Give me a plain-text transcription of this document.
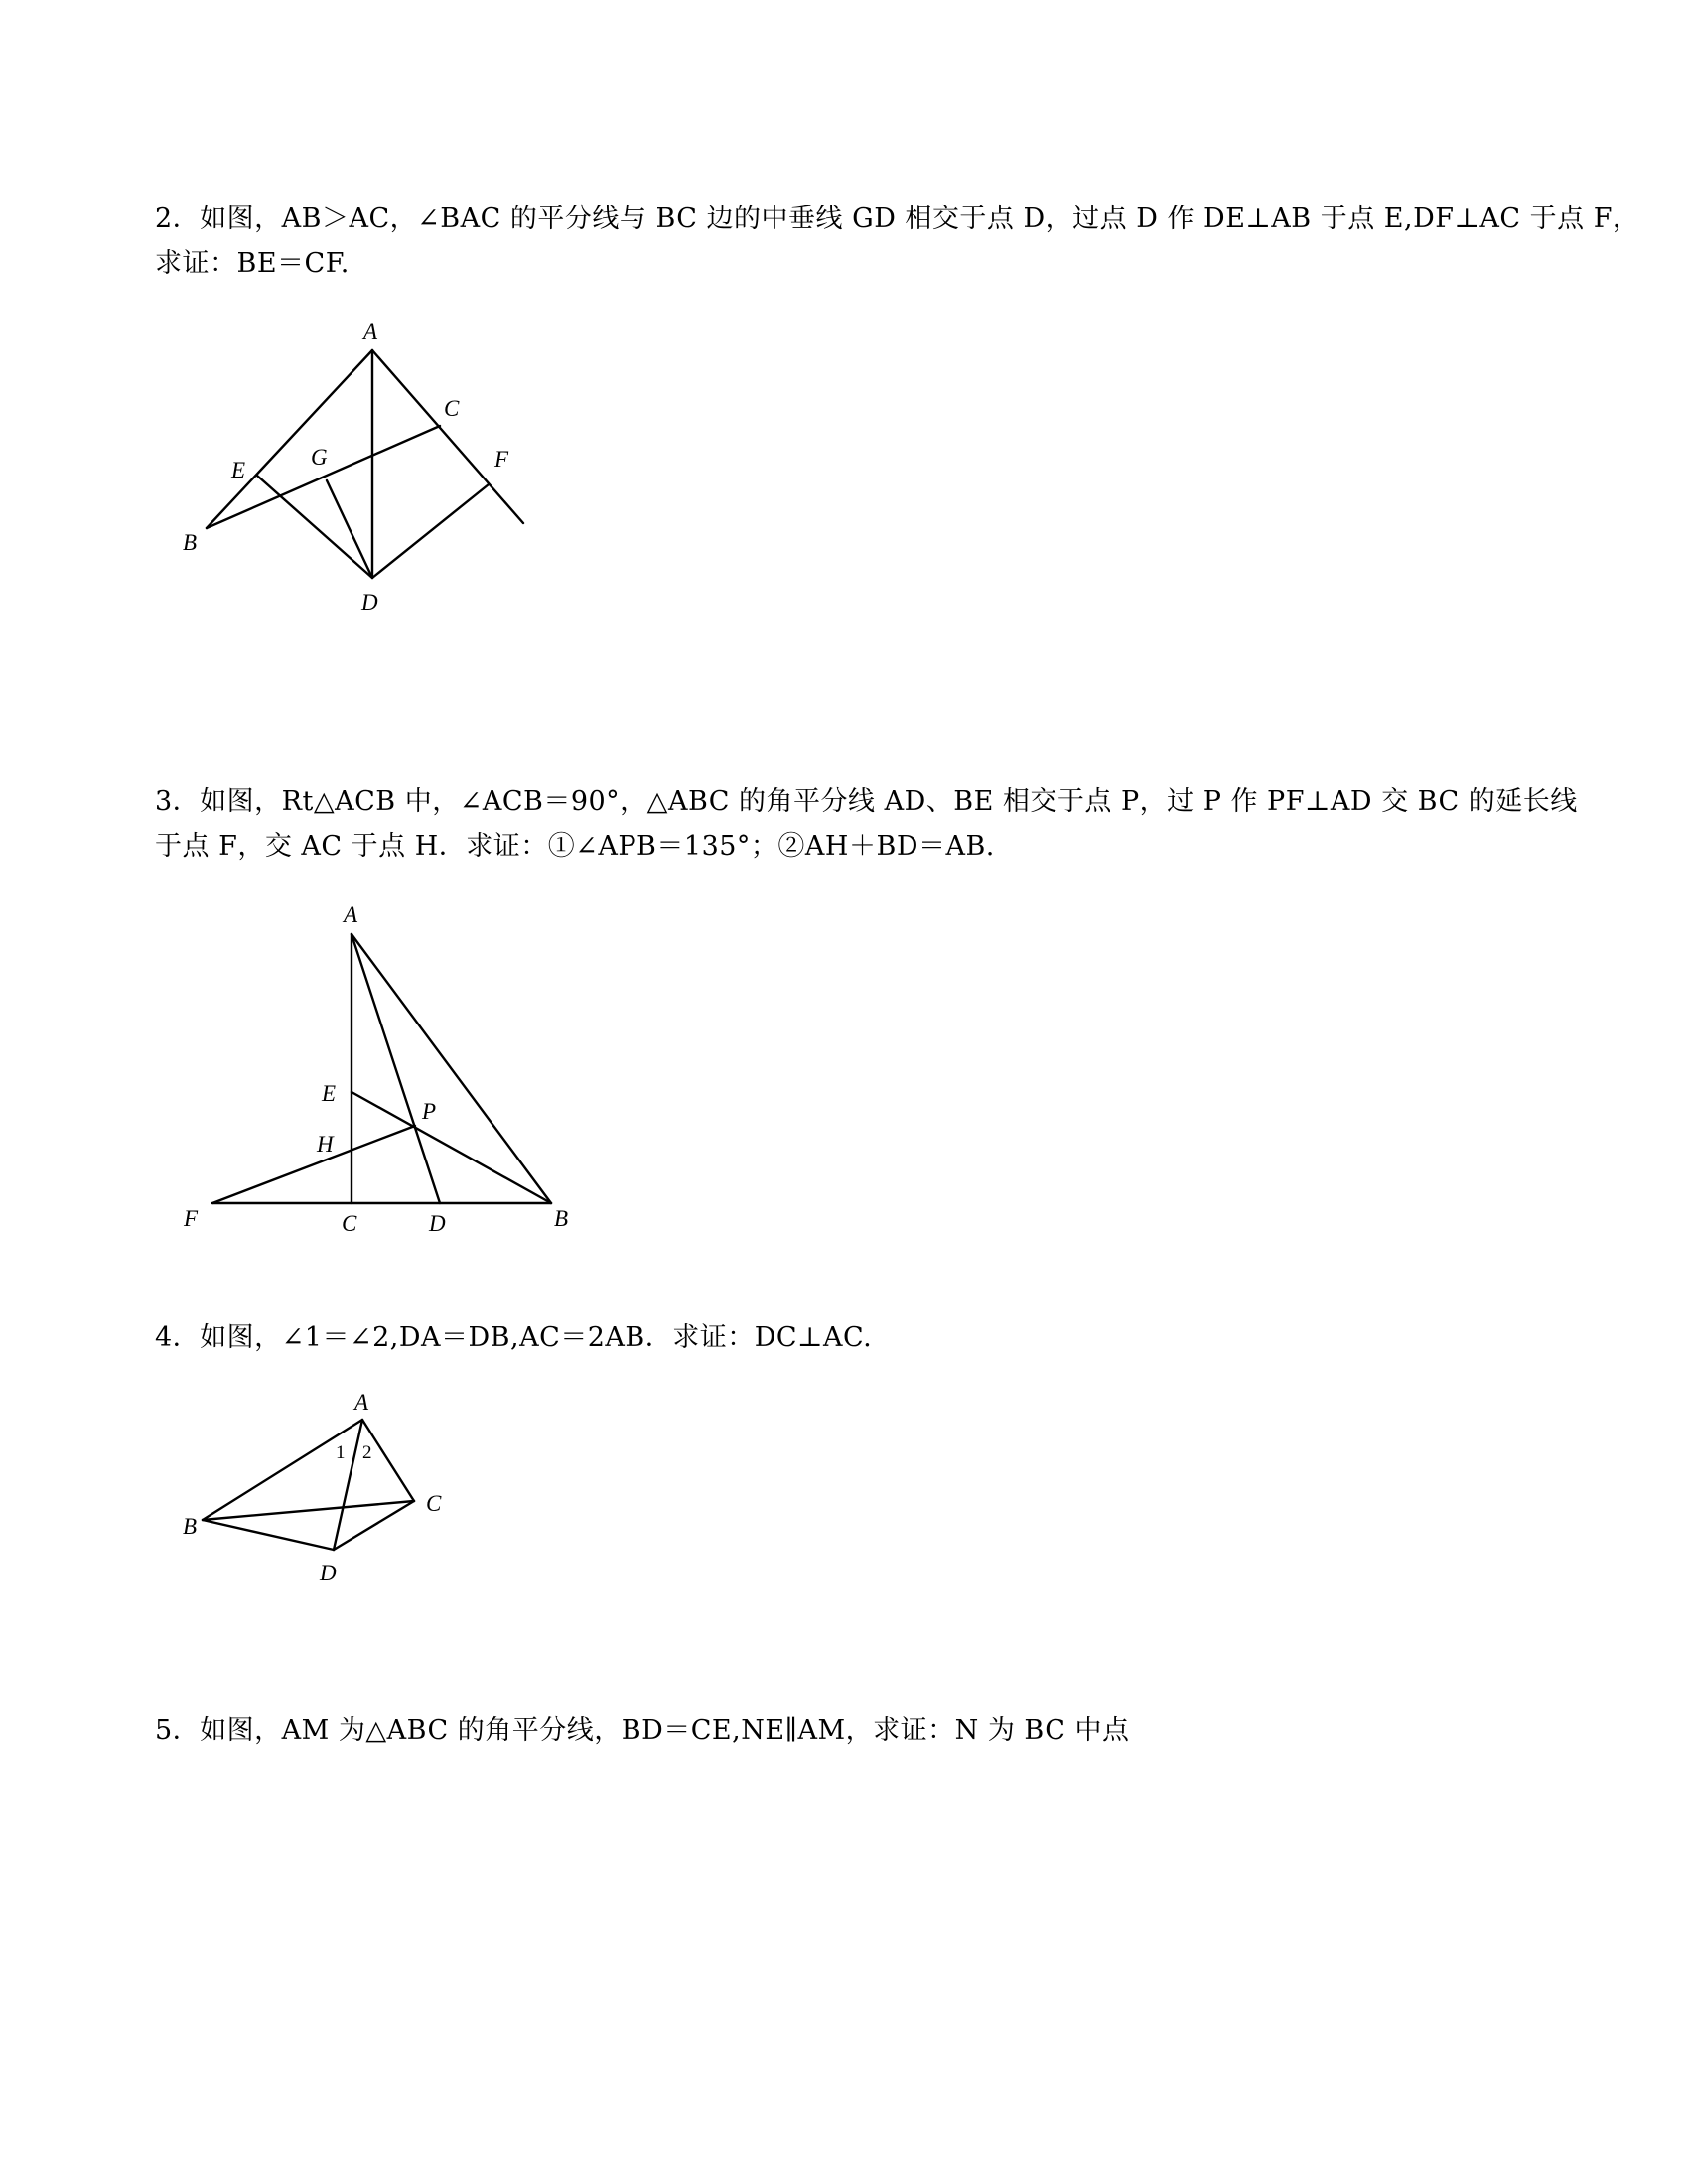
2．如图，AB＞AC，∠BAC 的平分线与 BC 边的中垂线 GD 相交于点 D，过点 D 作 DE⊥AB 于点 E,DF⊥AC 于点 F，
求证：BE＝CF.
A
B
C
D
E	F
G
3．如图，Rt△ACB 中，∠ACB＝90°，△ABC 的角平分线 AD、BE 相交于点 P，过 P 作 PF⊥AD 交 BC 的延长线
于点 F，交 AC 于点 H．求证：①∠APB＝135°；②AH＋BD＝AB.
A
E
P
H
F	C	D	B
4．如图，∠1＝∠2,DA＝DB,AC＝2AB．求证：DC⊥AC.
A
B
C
D
1 2
5．如图，AM 为△ABC 的角平分线，BD＝CE,NE∥AM，求证：N 为 BC 中点
